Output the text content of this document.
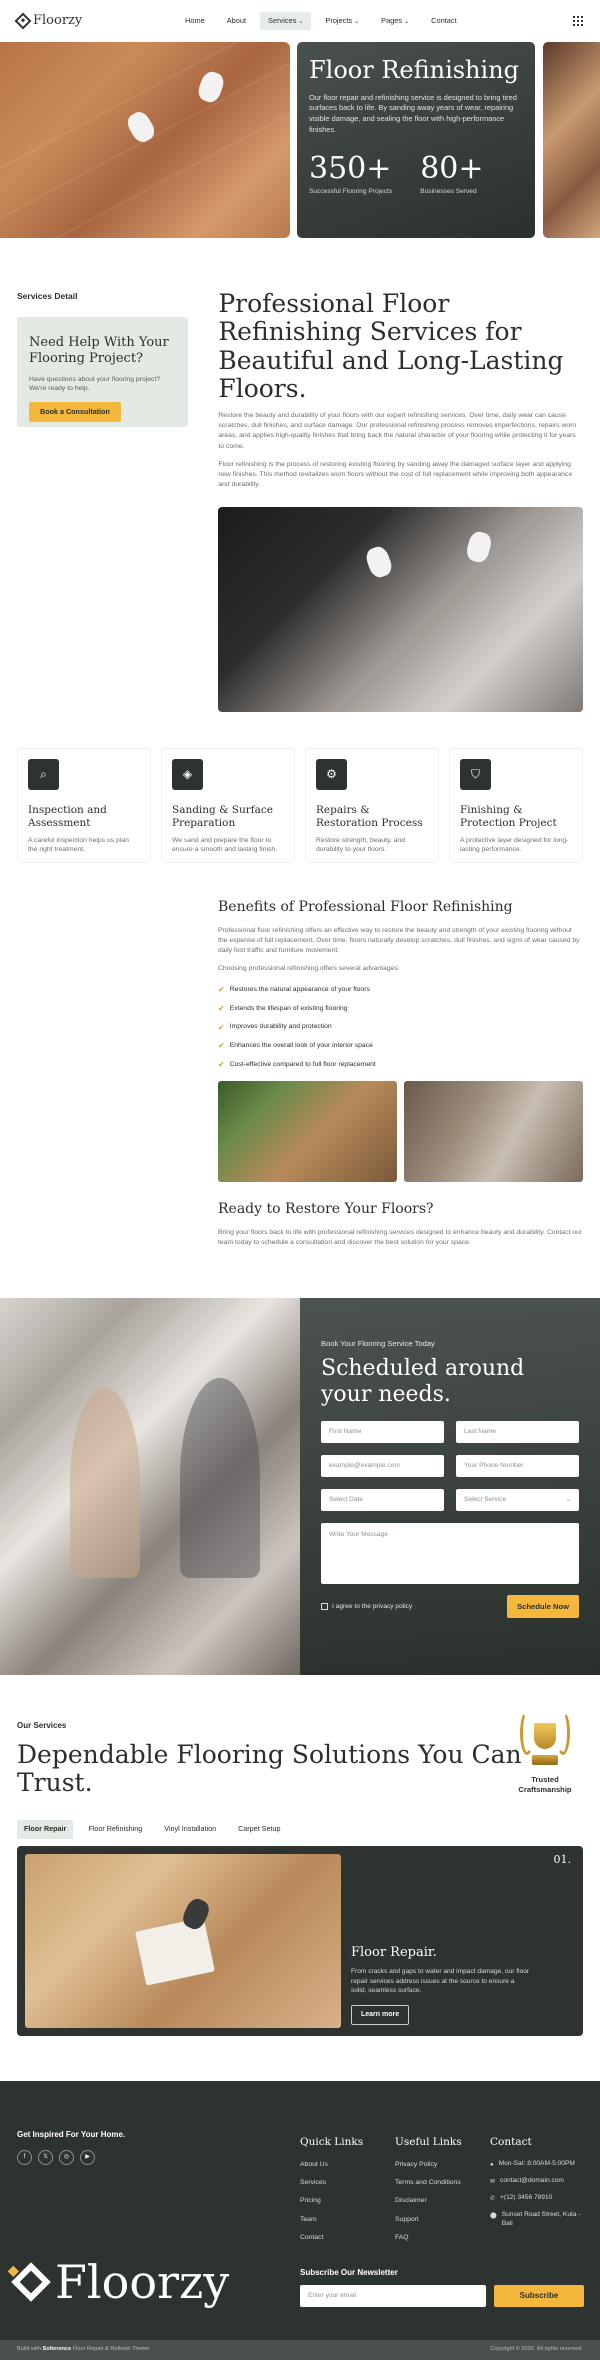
Floorzy	Home	About	Services ⌄	Projects ⌄	Pages ⌄	Contact
Floor Refinishing

Our floor repair and refinishing service is designed to bring tired surfaces back to life. By sanding away years of wear, repairing visible damage, and sealing the floor with high-performance finishes.

350+
Successful Flooring Projects
80+
Businesses Served
Services Detail
Need Help With Your Flooring Project?

Have questions about your flooring project? We're ready to help.

Book a Consultation
Professional Floor Refinishing Services for Beautiful and Long-Lasting Floors.

Restore the beauty and durability of your floors with our expert refinishing services. Over time, daily wear can cause scratches, dull finishes, and surface damage. Our professional refinishing process removes imperfections, repairs worn areas, and applies high-quality finishes that bring back the natural character of your flooring while protecting it for years to come.

Floor refinishing is the process of restoring existing flooring by sanding away the damaged surface layer and applying new finishes. This method revitalizes worn floors without the cost of full replacement while improving both appearance and durability.

⌕
Inspection and Assessment
A careful inspection helps us plan the right treatment.
◈
Sanding & Surface Preparation
We sand and prepare the floor to ensure a smooth and lasting finish.
⚙
Repairs & Restoration Process
Restore strength, beauty, and durability to your floors.
⛉
Finishing & Protection Project
A protective layer designed for long-lasting performance.
Benefits of Professional Floor Refinishing

Professional floor refinishing offers an effective way to restore the beauty and strength of your existing flooring without the expense of full replacement. Over time, floors naturally develop scratches, dull finishes, and signs of wear caused by daily foot traffic and furniture movement.

Choosing professional refinishing offers several advantages:

✔ Restores the natural appearance of your floors
✔ Extends the lifespan of existing flooring
✔ Improves durability and protection
✔ Enhances the overall look of your interior space
✔ Cost-effective compared to full floor replacement
Ready to Restore Your Floors?

Bring your floors back to life with professional refinishing services designed to enhance beauty and durability. Contact our team today to schedule a consultation and discover the best solution for your space.

Book Your Flooring Service Today
Scheduled around your needs.
First Name	Last Name
example@example.com	Your Phone Number
Select Date	Select Service	⌄
Write Your Message
I agree to the privacy policy	Schedule Now
Our Services
Dependable Flooring Solutions You Can Trust.	Trusted Craftsmanship
Floor Repair	Floor Refinishing	Vinyl Installation	Carpet Setup
01.
Floor Repair.

From cracks and gaps to water and impact damage, our floor repair services address issues at the source to ensure a solid, seamless surface.

Learn more
Get Inspired For Your Home.
f	𝕏	◎	▶
Quick Links
About Us
Services
Pricing
Team
Contact
Useful Links
Privacy Policy
Terms and Conditions
Disclaimer
Support
FAQ
Contact
● Mon-Sat: 8:00AM-5:00PM
✉ contact@domain.com
✆ +(12) 3456 78910
⬤ Sunset Road Street, Kuta - Bali
Floorzy	Subscribe Our Newsletter
Enter your email	Subscribe
Build with Solterence Floor Repair & Refinish Theme	Copyright © 2026. All rights reserved.
